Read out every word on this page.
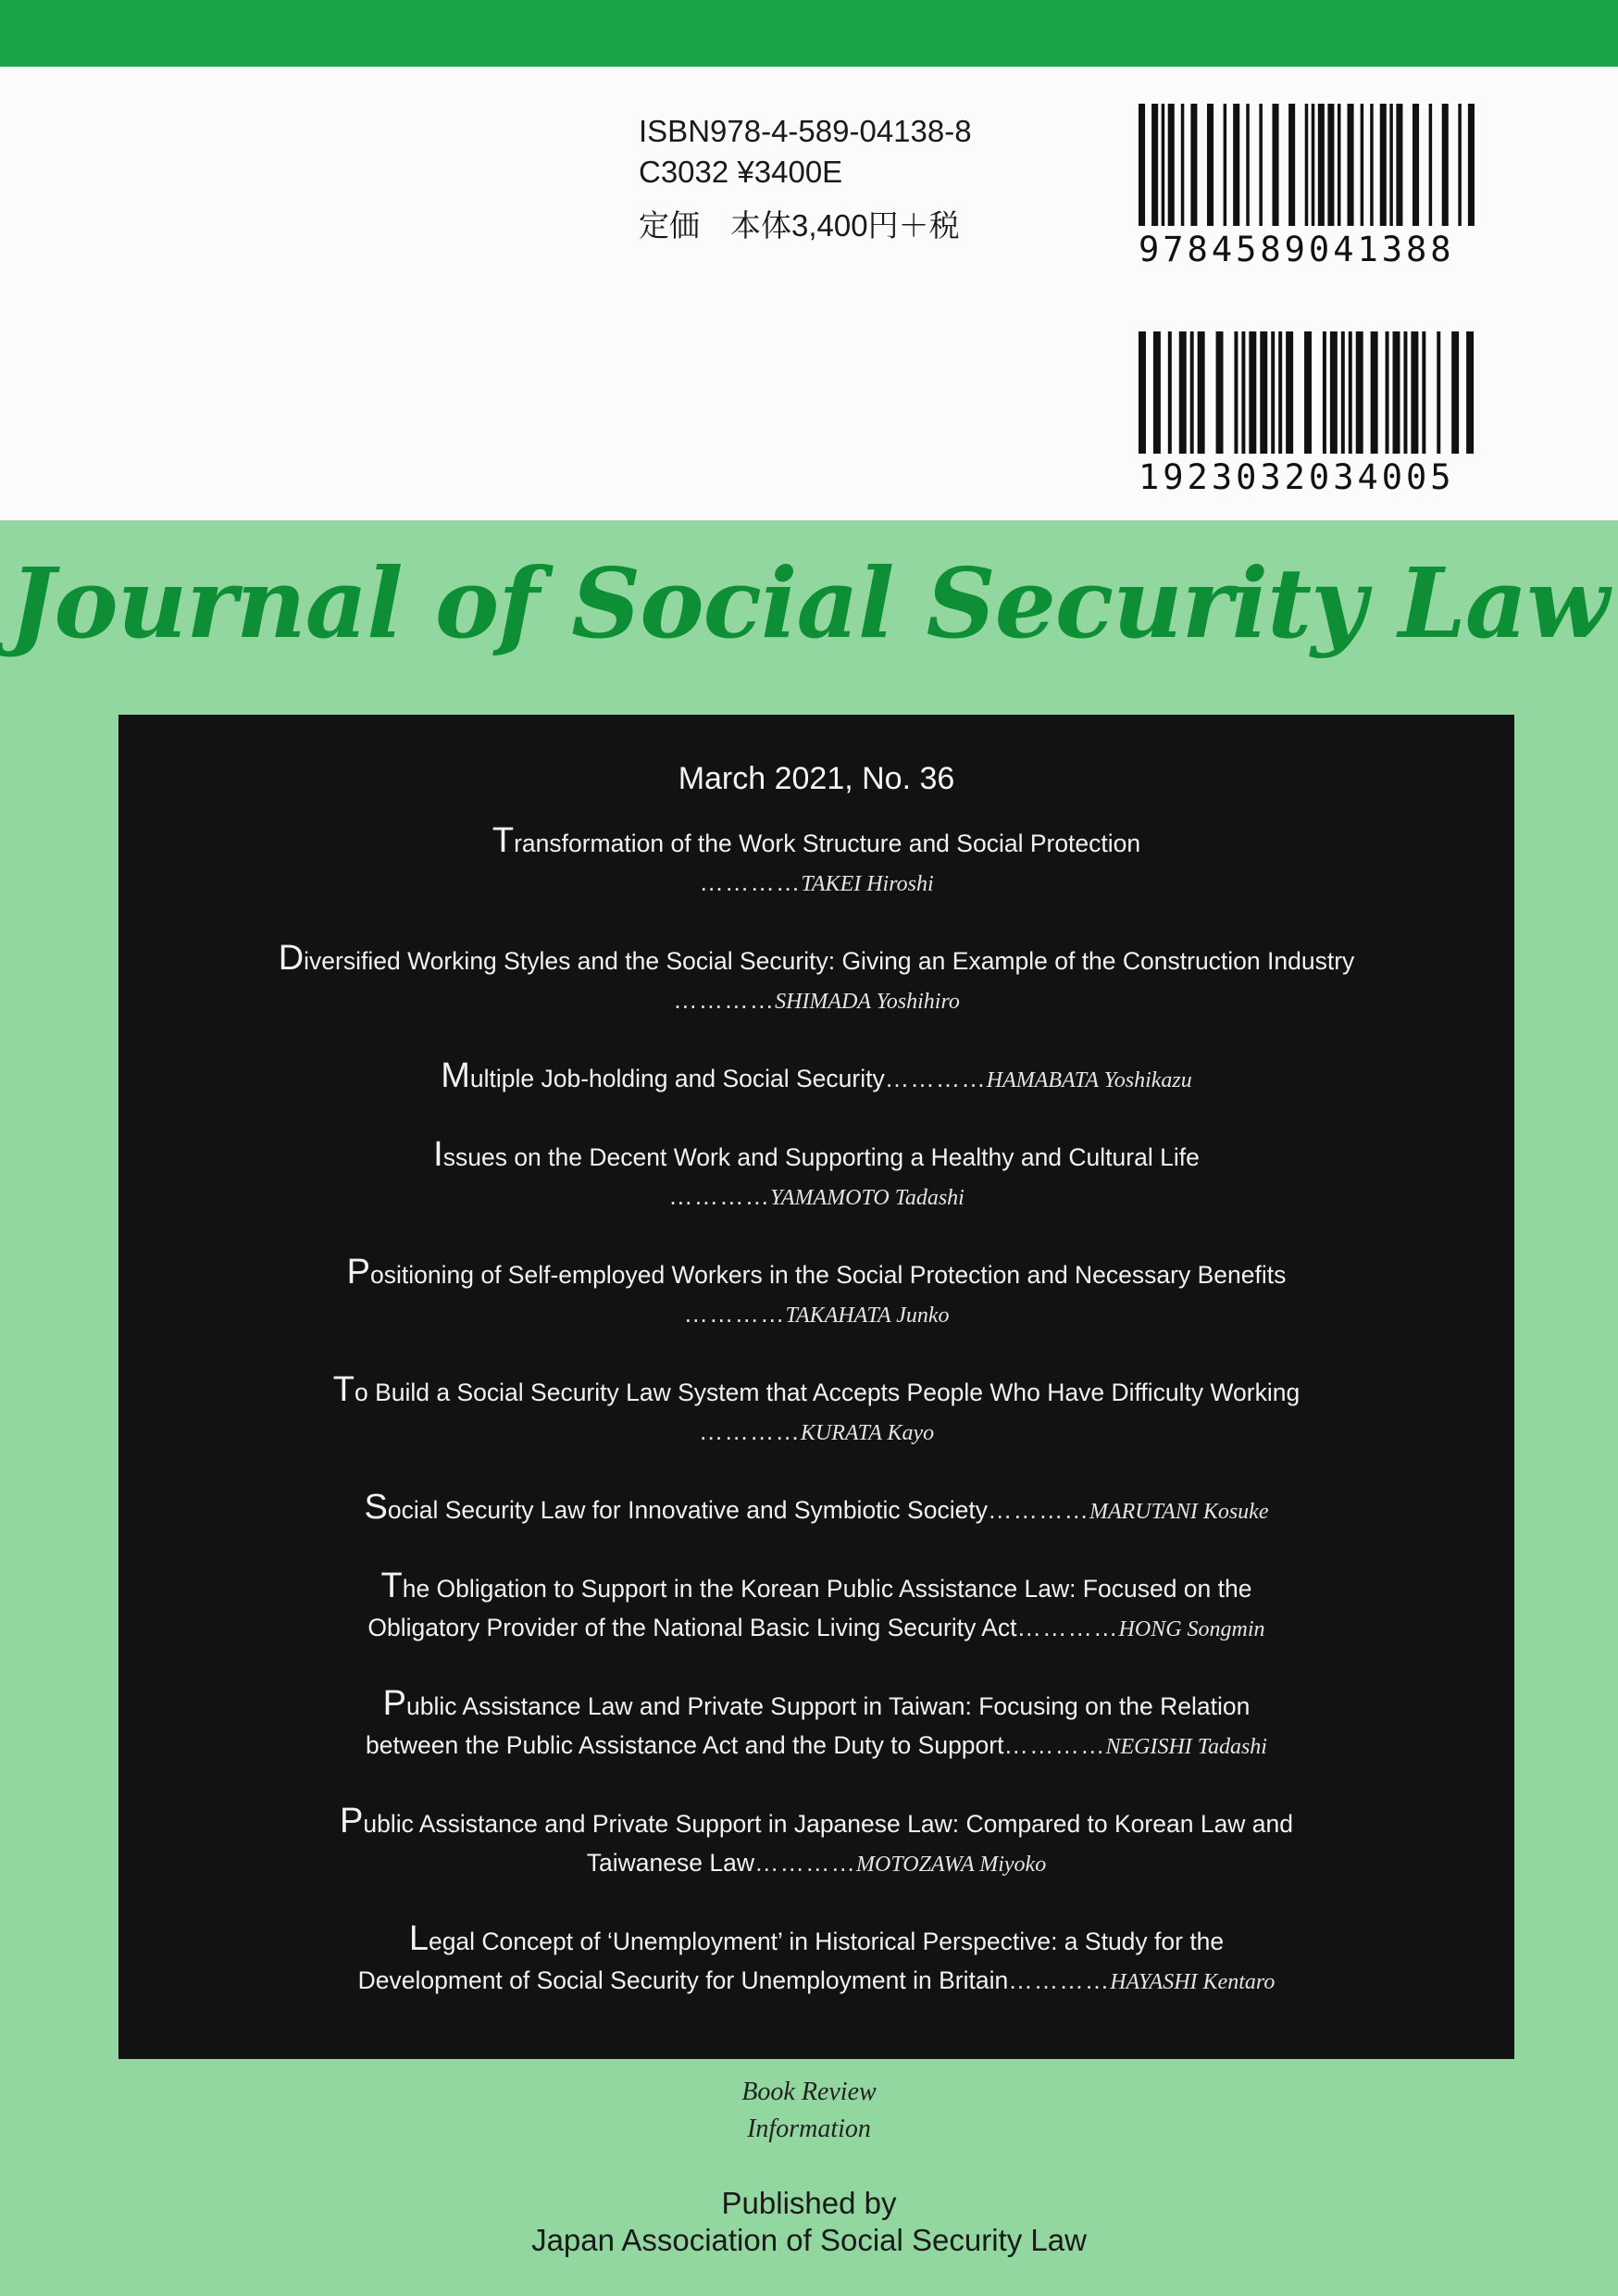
ISBN978-4-589-04138-8
C3032 ¥3400E
定価　本体3,400円＋税
9784589041388
1923032034005
Journal of Social Security Law
March 2021, No. 36
Transformation of the Work Structure and Social Protection
…………TAKEI Hiroshi
Diversified Working Styles and the Social Security: Giving an Example of the Construction Industry
…………SHIMADA Yoshihiro
Multiple Job-holding and Social Security…………HAMABATA Yoshikazu
Issues on the Decent Work and Supporting a Healthy and Cultural Life
…………YAMAMOTO Tadashi
Positioning of Self-employed Workers in the Social Protection and Necessary Benefits
…………TAKAHATA Junko
To Build a Social Security Law System that Accepts People Who Have Difficulty Working
…………KURATA Kayo
Social Security Law for Innovative and Symbiotic Society…………MARUTANI Kosuke
The Obligation to Support in the Korean Public Assistance Law: Focused on the
Obligatory Provider of the National Basic Living Security Act…………HONG Songmin
Public Assistance Law and Private Support in Taiwan: Focusing on the Relation
between the Public Assistance Act and the Duty to Support…………NEGISHI Tadashi
Public Assistance and Private Support in Japanese Law: Compared to Korean Law and
Taiwanese Law…………MOTOZAWA Miyoko
Legal Concept of ‘Unemployment’ in Historical Perspective: a Study for the
Development of Social Security for Unemployment in Britain…………HAYASHI Kentaro
Book Review
Information
Published by
Japan Association of Social Security Law
